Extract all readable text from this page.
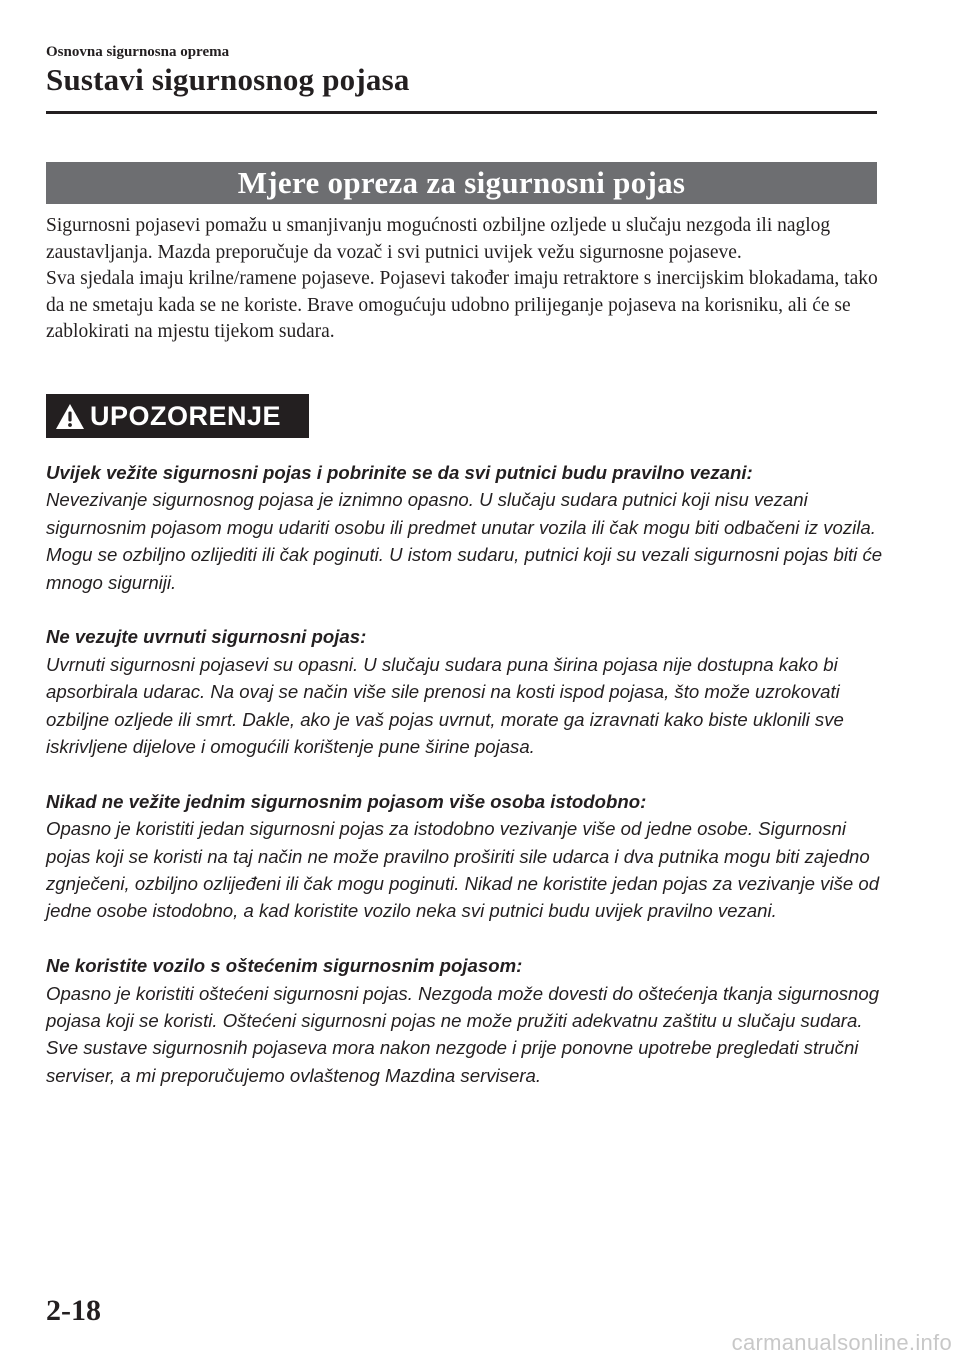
Osnovna sigurnosna oprema
Sustavi sigurnosnog pojasa
Mjere opreza za sigurnosni pojas

Sigurnosni pojasevi pomažu u smanjivanju mogućnosti ozbiljne ozljede u slučaju nezgoda ili naglog zaustavljanja. Mazda preporučuje da vozač i svi putnici uvijek vežu sigurnosne pojaseve.

Sva sjedala imaju krilne/ramene pojaseve. Pojasevi također imaju retraktore s inercijskim blokadama, tako da ne smetaju kada se ne koriste. Brave omogućuju udobno prilijeganje pojaseva na korisniku, ali će se zablokirati na mjestu tijekom sudara.

UPOZORENJE
Uvijek vežite sigurnosni pojas i pobrinite se da svi putnici budu pravilno vezani:
Nevezivanje sigurnosnog pojasa je iznimno opasno. U slučaju sudara putnici koji nisu vezani sigurnosnim pojasom mogu udariti osobu ili predmet unutar vozila ili čak mogu biti odbačeni iz vozila. Mogu se ozbiljno ozlijediti ili čak poginuti. U istom sudaru, putnici koji su vezali sigurnosni pojas biti će mnogo sigurniji.
Ne vezujte uvrnuti sigurnosni pojas:
Uvrnuti sigurnosni pojasevi su opasni. U slučaju sudara puna širina pojasa nije dostupna kako bi apsorbirala udarac. Na ovaj se način više sile prenosi na kosti ispod pojasa, što može uzrokovati ozbiljne ozljede ili smrt. Dakle, ako je vaš pojas uvrnut, morate ga izravnati kako biste uklonili sve iskrivljene dijelove i omogućili korištenje pune širine pojasa.
Nikad ne vežite jednim sigurnosnim pojasom više osoba istodobno:
Opasno je koristiti jedan sigurnosni pojas za istodobno vezivanje više od jedne osobe. Sigurnosni pojas koji se koristi na taj način ne može pravilno proširiti sile udarca i dva putnika mogu biti zajedno zgnječeni, ozbiljno ozlijeđeni ili čak mogu poginuti. Nikad ne koristite jedan pojas za vezivanje više od jedne osobe istodobno, a kad koristite vozilo neka svi putnici budu uvijek pravilno vezani.
Ne koristite vozilo s oštećenim sigurnosnim pojasom:
Opasno je koristiti oštećeni sigurnosni pojas. Nezgoda može dovesti do oštećenja tkanja sigurnosnog pojasa koji se koristi. Oštećeni sigurnosni pojas ne može pružiti adekvatnu zaštitu u slučaju sudara. Sve sustave sigurnosnih pojaseva mora nakon nezgode i prije ponovne upotrebe pregledati stručni serviser, a mi preporučujemo ovlaštenog Mazdina servisera.
2-18
carmanualsonline.info
